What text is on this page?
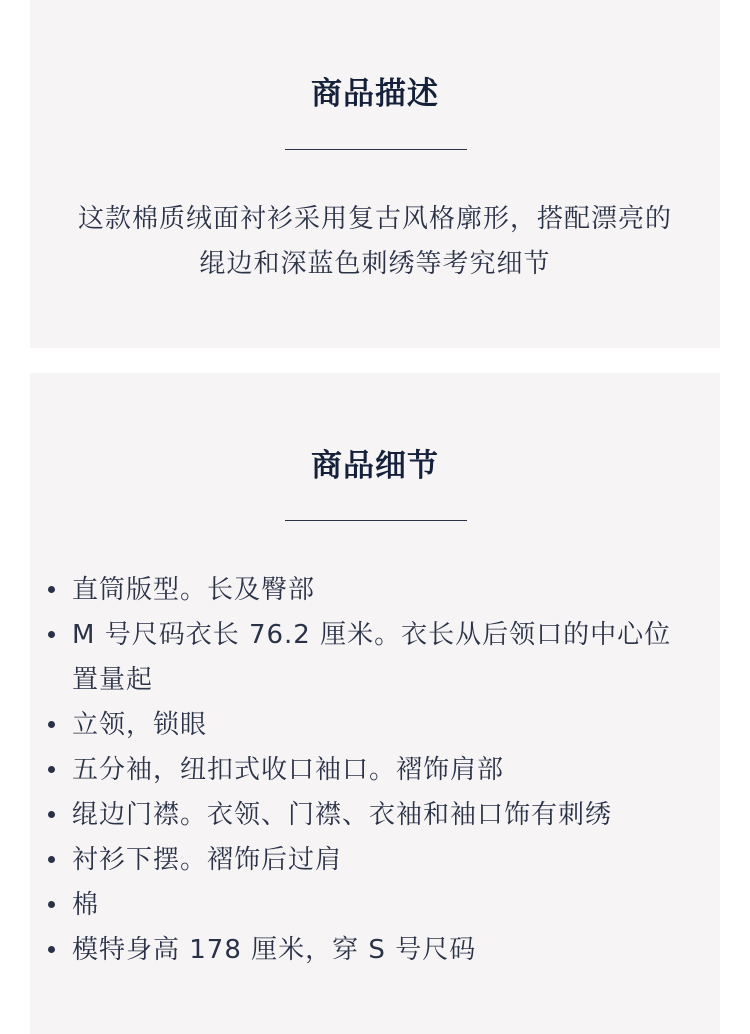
商品描述

这款棉质绒面衬衫采用复古风格廓形，搭配漂亮的绲边和深蓝色刺绣等考究细节

商品细节
直筒版型。长及臀部
M 号尺码衣长 76.2 厘米。衣长从后领口的中心位置量起
立领，锁眼
五分袖，纽扣式收口袖口。褶饰肩部
绲边门襟。衣领、门襟、衣袖和袖口饰有刺绣
衬衫下摆。褶饰后过肩
棉
模特身高 178 厘米，穿 S 号尺码
